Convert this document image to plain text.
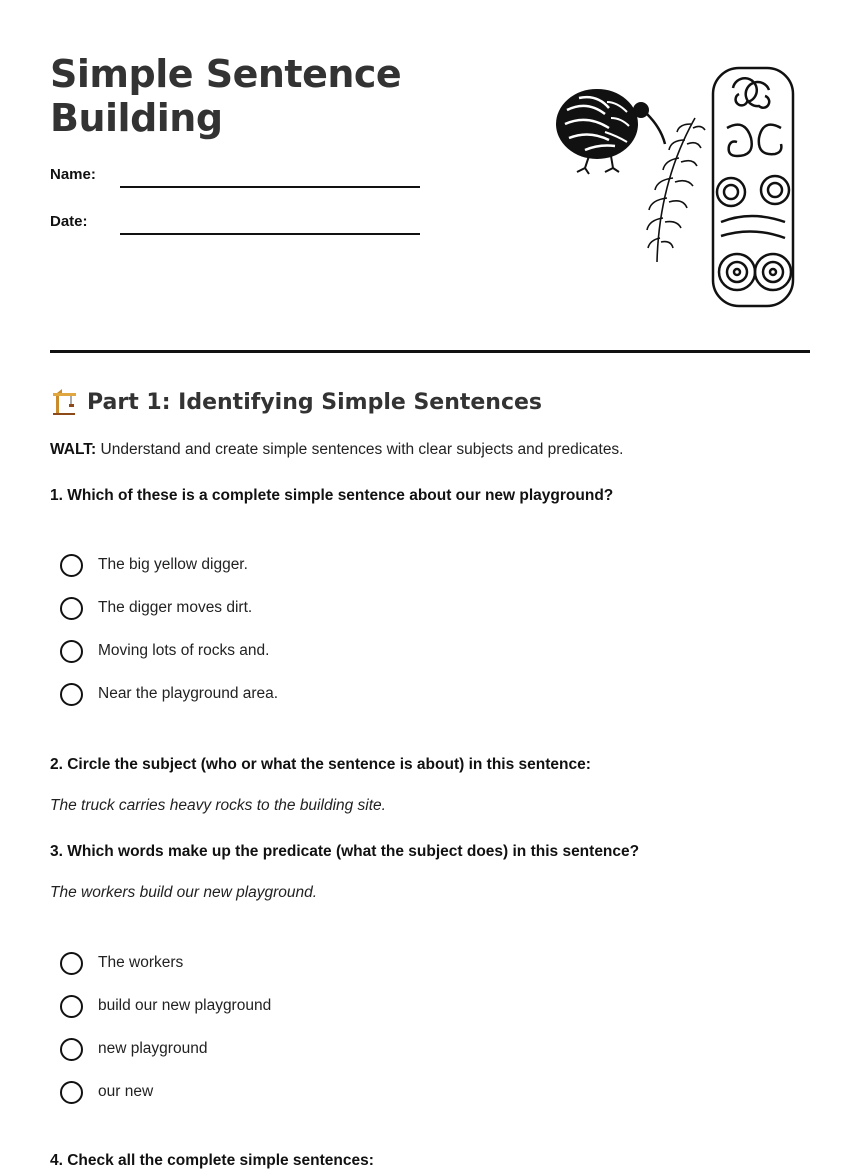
Simple Sentence
Building
Name:
Date:
Part 1: Identifying Simple Sentences
WALT: Understand and create simple sentences with clear subjects and predicates.
1. Which of these is a complete simple sentence about our new playground?
The big yellow digger.
The digger moves dirt.
Moving lots of rocks and.
Near the playground area.
2. Circle the subject (who or what the sentence is about) in this sentence:
The truck carries heavy rocks to the building site.
3. Which words make up the predicate (what the subject does) in this sentence?
The workers build our new playground.
The workers
build our new playground
new playground
our new
4. Check all the complete simple sentences:
